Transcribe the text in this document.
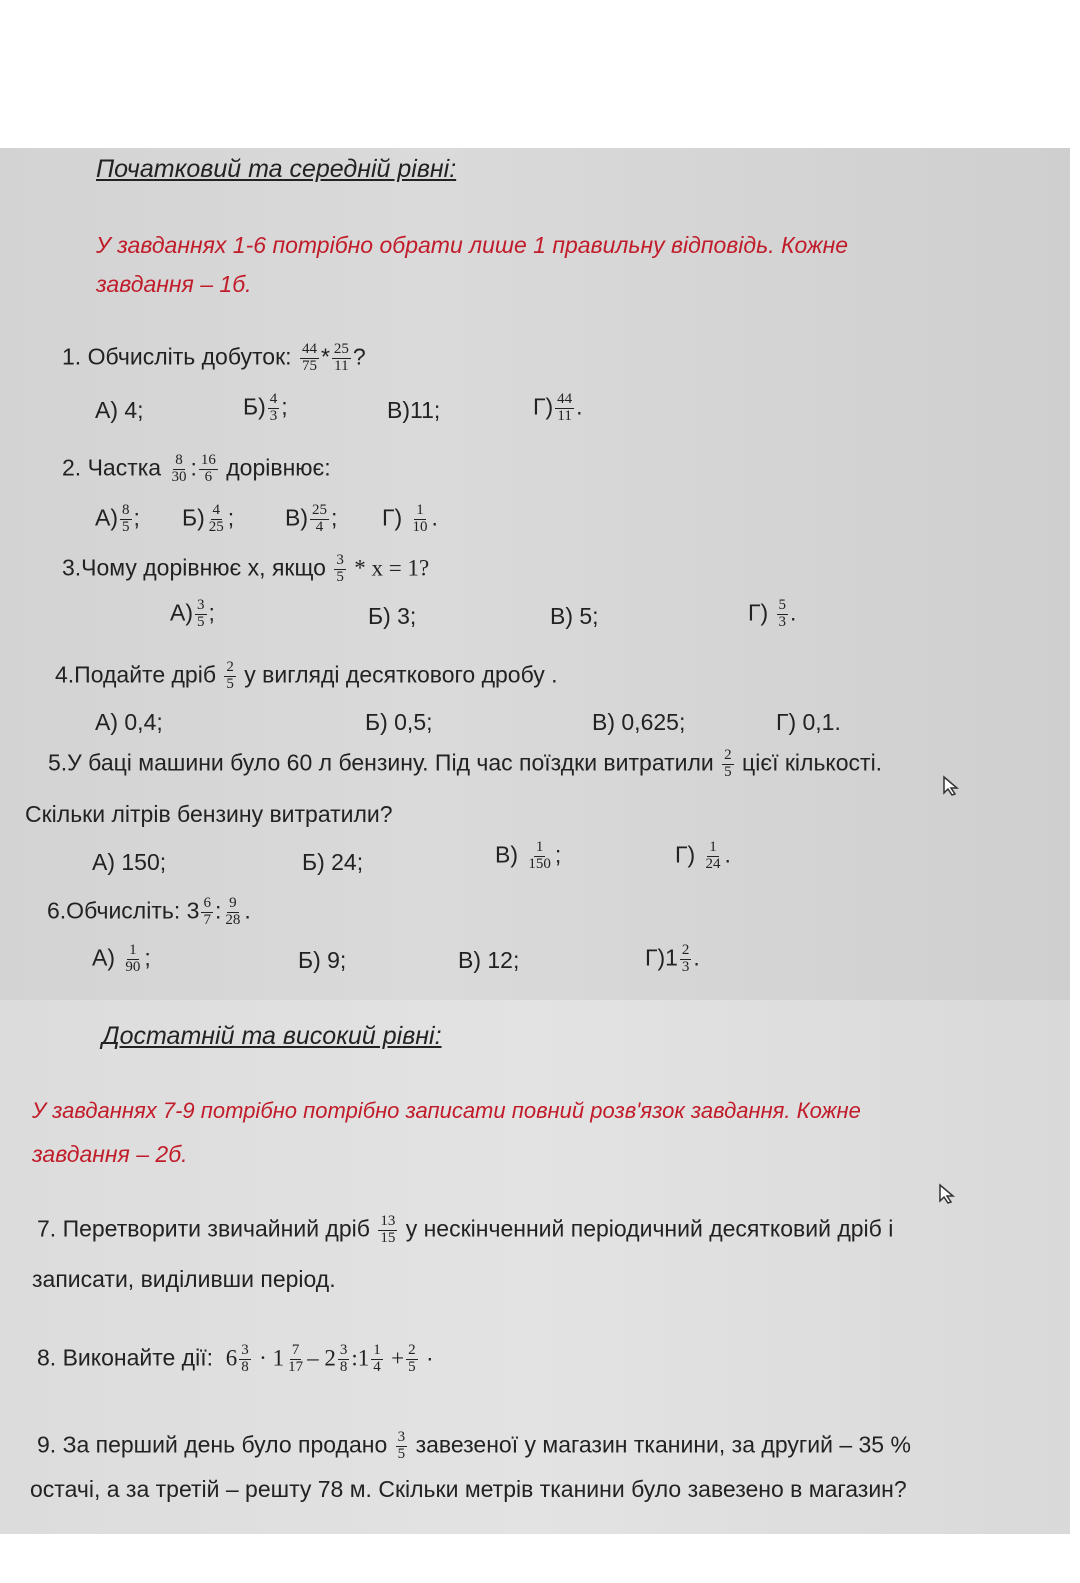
Початковий та середній рівні:
У завданнях 1-6 потрібно обрати лише 1 правильну відповідь. Кожне
завдання – 1б.
1. Обчисліть добуток: $\frac{44}{75} * \frac{25}{11}$ ?
А) 4;	$Б) \frac{4}{3}$ ;	В)11;	$Г) \frac{44}{11}$ .
2. Частка $\frac{8}{30}$ : $\frac{16}{6}$ дорівнює:
$А) \frac{8}{5}$ ; $Б) \frac{4}{25}$ ; $В) \frac{25}{4}$ ; $Г) \frac{1}{10}$ .
3.Чому дорівнює х, якщо $\frac{3}{5} * x = 1$?
$А) \frac{3}{5}$ ;	Б) 3;	В) 5;	$Г) \frac{5}{3}$ .
4.Подайте дріб $\frac{2}{5}$ у вигляді десяткового дробу .
А) 0,4;	Б) 0,5;	В) 0,625;	Г) 0,1.
5.У баці машини було 60 л бензину. Під час поїздки витратили $\frac{2}{5}$ цієї кількості.
Скільки літрів бензину витратили?
А) 150;	Б) 24;	$В) \frac{1}{150}$ ;	$Г) \frac{1}{24}$ .
6.Обчисліть: $3 \frac{6}{7}$ : $\frac{9}{28}$ .
$А) \frac{1}{90}$ ;	Б) 9;	В) 12;	$Г)1 \frac{2}{3}$ .
Достатній та високий рівні:
У завданнях 7-9 потрібно потрібно записати повний розв'язок завдання. Кожне
завдання – 2б.
7. Перетворити звичайний дріб $\frac{13}{15}$ у нескінченний періодичний десятковий дріб і
записати, виділивши період.
8. Виконайте дії: $6 \frac{3}{8} \cdot 1 \frac{7}{17} - 2 \frac{3}{8}$ :1 $\frac{1}{4} + \frac{2}{5}$ ·
9. За перший день було продано $\frac{3}{5}$ завезеної у магазин тканини, за другий – 35 %
остачі, а за третій – решту 78 м. Скільки метрів тканини було завезено в магазин?
